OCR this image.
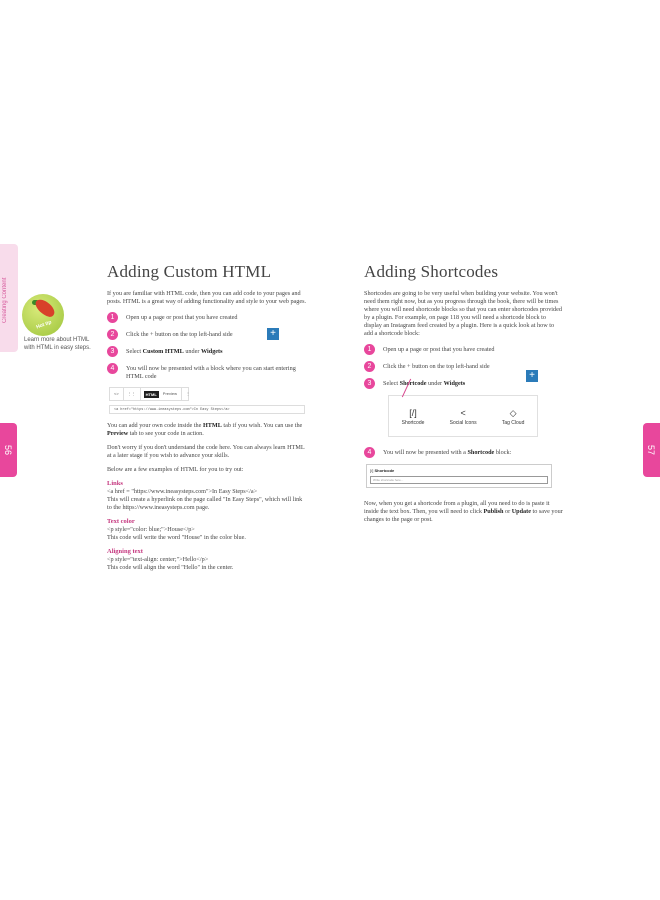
Creating Content
Hot tip
Learn more about HTML with HTML in easy steps.
56	57
Adding Custom HTML

If you are familiar with HTML code, then you can add code to your pages and posts. HTML is a great way of adding functionality and style to your web pages.

1	Open up a page or post that you have created
2	Click the + button on the top left-hand side	+
3	Select Custom HTML under Widgets
4	You will now be presented with a block where you can start entering HTML code
<>	⋮⋮	HTML	Preview	⋮
<a href="https://www.ineasysteps.com">In Easy Steps</a>

You can add your own code inside the HTML tab if you wish. You can use the Preview tab to see your code in action.

Don't worry if you don't understand the code here. You can always learn HTML at a later stage if you wish to advance your skills.

Below are a few examples of HTML for you to try out:

Links

<a href = "https://www.ineasysteps.com">In Easy Steps</a>

This will create a hyperlink on the page called "In Easy Steps", which will link to the https://www.ineasysteps.com page.

Text color

<p style="color: blue;">House</p>

This code will write the word "House" in the color blue.

Aligning text

<p style="text-align: center;">Hello</p>

This code will align the word "Hello" in the center.

Adding Shortcodes

Shortcodes are going to be very useful when building your website. You won't need them right now, but as you progress through the book, there will be times where you will need shortcode blocks so that you can enter shortcodes provided by a plugin. For example, on page 118 you will need a shortcode block to display an Instagram feed created by a plugin. Here is a quick look at how to add a shortcode block:

1	Open up a page or post that you have created
2	Click the + button on the top left-hand side
3	Select Shortcode under Widgets
+
[/]
Shortcode
<
Social Icons
◇
Tag Cloud
4	You will now be presented with a Shortcode block:
[/] Shortcode
Write shortcode here...

Now, when you get a shortcode from a plugin, all you need to do is paste it inside the text box. Then, you will need to click Publish or Update to save your changes to the page or post.
